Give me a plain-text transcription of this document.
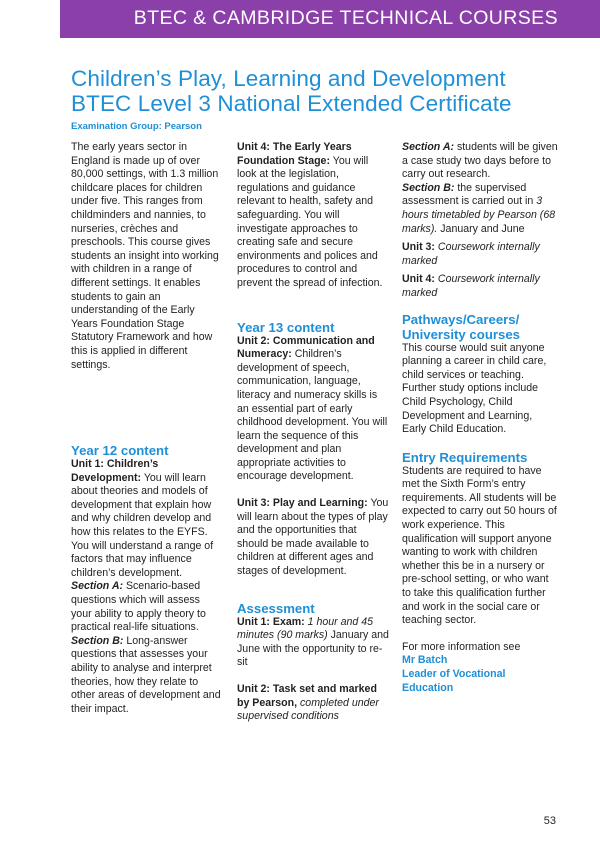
BTEC & CAMBRIDGE TECHNICAL COURSES
Children’s Play, Learning and Development
BTEC Level 3 National Extended Certificate
Examination Group: Pearson

The early years sector in England is made up of over 80,000 settings, with 1.3 million childcare places for children under five. This ranges from childminders and nannies, to nurseries, crèches and preschools. This course gives students an insight into working with children in a range of different settings. It enables students to gain an understanding of the Early Years Foundation Stage Statutory Framework and how this is applied in different settings.

Year 12 content

Unit 1: Children’s Development: You will learn about theories and models of development that explain how and why children develop and how this relates to the EYFS. You will understand a range of factors that may influence children’s development.

Section A: Scenario-based questions which will assess your ability to apply theory to practical real-life situations.

Section B: Long-answer questions that assesses your ability to analyse and interpret theories, how they relate to other areas of development and their impact.

Unit 4: The Early Years Foundation Stage: You will look at the legislation, regulations and guidance relevant to health, safety and safeguarding. You will investigate approaches to creating safe and secure environments and polices and procedures to control and prevent the spread of infection.

Year 13 content

Unit 2: Communication and Numeracy: Children’s development of speech, communication, language, literacy and numeracy skills is an essential part of early childhood development. You will learn the sequence of this development and plan appropriate activities to encourage development.

Unit 3: Play and Learning: You will learn about the types of play and the opportunities that should be made available to children at different ages and stages of development.

Assessment

Unit 1: Exam: 1 hour and 45 minutes (90 marks) January and June with the opportunity to re-sit

Unit 2: Task set and marked by Pearson, completed under supervised conditions

Section A: students will be given a case study two days before to carry out research.

Section B: the supervised assessment is carried out in 3 hours timetabled by Pearson (68 marks). January and June

Unit 3: Coursework internally marked

Unit 4: Coursework internally marked

Pathways/Careers/ University courses

This course would suit anyone planning a career in child care, child services or teaching. Further study options include Child Psychology, Child Development and Learning, Early Child Education.

Entry Requirements

Students are required to have met the Sixth Form’s entry requirements. All students will be expected to carry out 50 hours of work experience. This qualification will support anyone wanting to work with children whether this be in a nursery or pre-school setting, or who want to take this qualification further and work in the social care or teaching sector.

For more information see

Mr Batch

Leader of Vocational Education

53
